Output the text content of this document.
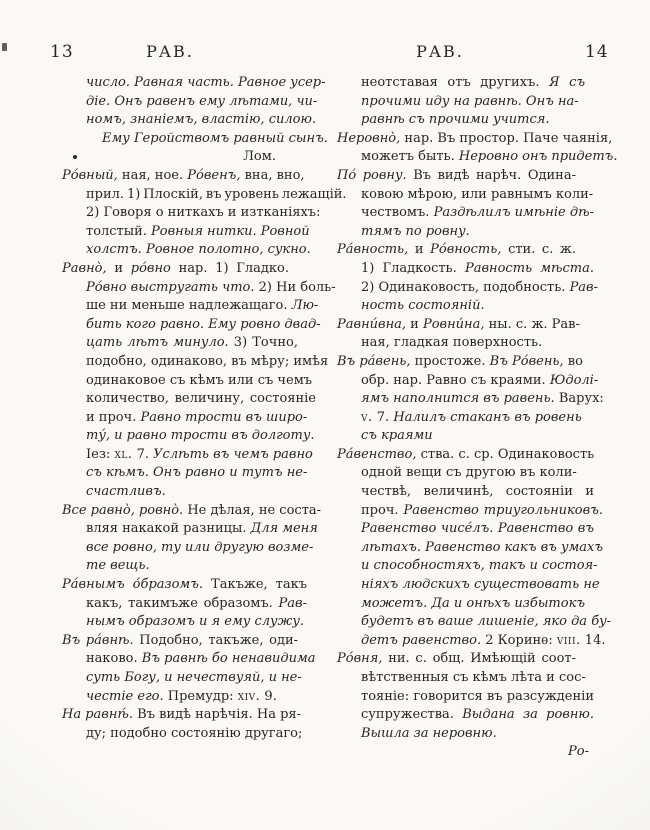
13	РАВ.	РАВ.	14
число. Равная часть. Равное усер-
діе. Онъ равенъ ему лѣтами, чи-
номъ, знаніемъ, властію, силою.
Ему Геройствомъ равный сынъ.
Лом.
Ро́вный, ная, ное. Ро́венъ, вна, вно,
прил. 1) Плоскій, въ уровень лежащій.
2) Говоря о ниткахъ и изтканіяхъ:
толстый. Ровныя нитки. Ровной
холстъ. Ровное полотно, сукно.
Равно̀, и ро́вно нар. 1) Гладко.
Ро́вно выстругать что. 2) Ни боль-
ше ни меньше надлежащаго. Лю-
бить кого равно. Ему ровно двад-
цать лѣтъ минуло. 3) Точно,
подобно, одинаково, въ мѣру; имѣя
одинаковое съ кѣмъ или съ чемъ
количество, величину, состояніе
и проч. Равно трости въ широ-
ту́, и равно трости въ долготу.
Іез: xl. 7. Услѣть въ чемъ равно
съ кѣмъ. Онъ равно и тутъ не-
счастливъ.
Все равно̀, ровно̀. Не дѣлая, не соста-
вляя накакой разницы. Для меня
все ровно, ту или другую возме-
те вещь.
Ра́внымъ о́бразомъ. Такъже, такъ
какъ, такимъже образомъ. Рав-
нымъ образомъ и я ему служу.
Въ ра́внѣ. Подобно, такъже, оди-
наково. Въ равнѣ бо ненавидима
суть Богу, и нечествуяй, и не-
честіе его. Премудр: xiv. 9.
На равнѣ́. Въ видѣ нарѣчія. На ря-
ду; подобно состоянію другаго;
неотставая отъ другихъ. Я съ
прочими иду на равнѣ. Онъ на-
равнѣ съ прочими учится.
Неровно̀, нар. Въ простор. Паче чаянія,
можетъ быть. Неровно онъ придетъ.
По́ ровну. Въ видѣ нарѣч. Одина-
ковою мѣрою, или равнымъ коли-
чествомъ. Раздѣлилъ имѣніе дѣ-
тямъ по ровну.
Ра́вность, и Ро́вность, сти. с. ж.
1) Гладкость. Равность мѣста.
2) Одинаковость, подобность. Рав-
ность состояній.
Равни́вна, и Ровни́на, ны. с. ж. Рав-
ная, гладкая поверхность.
Въ ра́вень, простоже. Въ Ро́вень, во
обр. нар. Равно съ краями. Юдолі-
ямъ наполнится въ равень. Варух:
v. 7. Налилъ стаканъ въ ровень
съ краями
Ра́венство, ства. с. ср. Одинаковость
одной вещи съ другою въ коли-
чествѣ, величинѣ, состояніи и
проч. Равенство триугольниковъ.
Равенство чисе́лъ. Равенство въ
лѣтахъ. Равенство какъ въ умахъ
и способностяхъ, такъ и состоя-
ніяхъ людскихъ существовать не
можетъ. Да и онѣхъ избытокъ
будетъ въ ваше лишеніе, яко да бу-
детъ равенство. 2 Коринѳ: viii. 14.
Ро́вня, ни. с. общ. Имѣющій соот-
вѣтственныя съ кѣмъ лѣта и сос-
тояніе: говорится въ разсужденіи
супружества. Выдана за ровню.
Вышла за неровню.
Ро-
